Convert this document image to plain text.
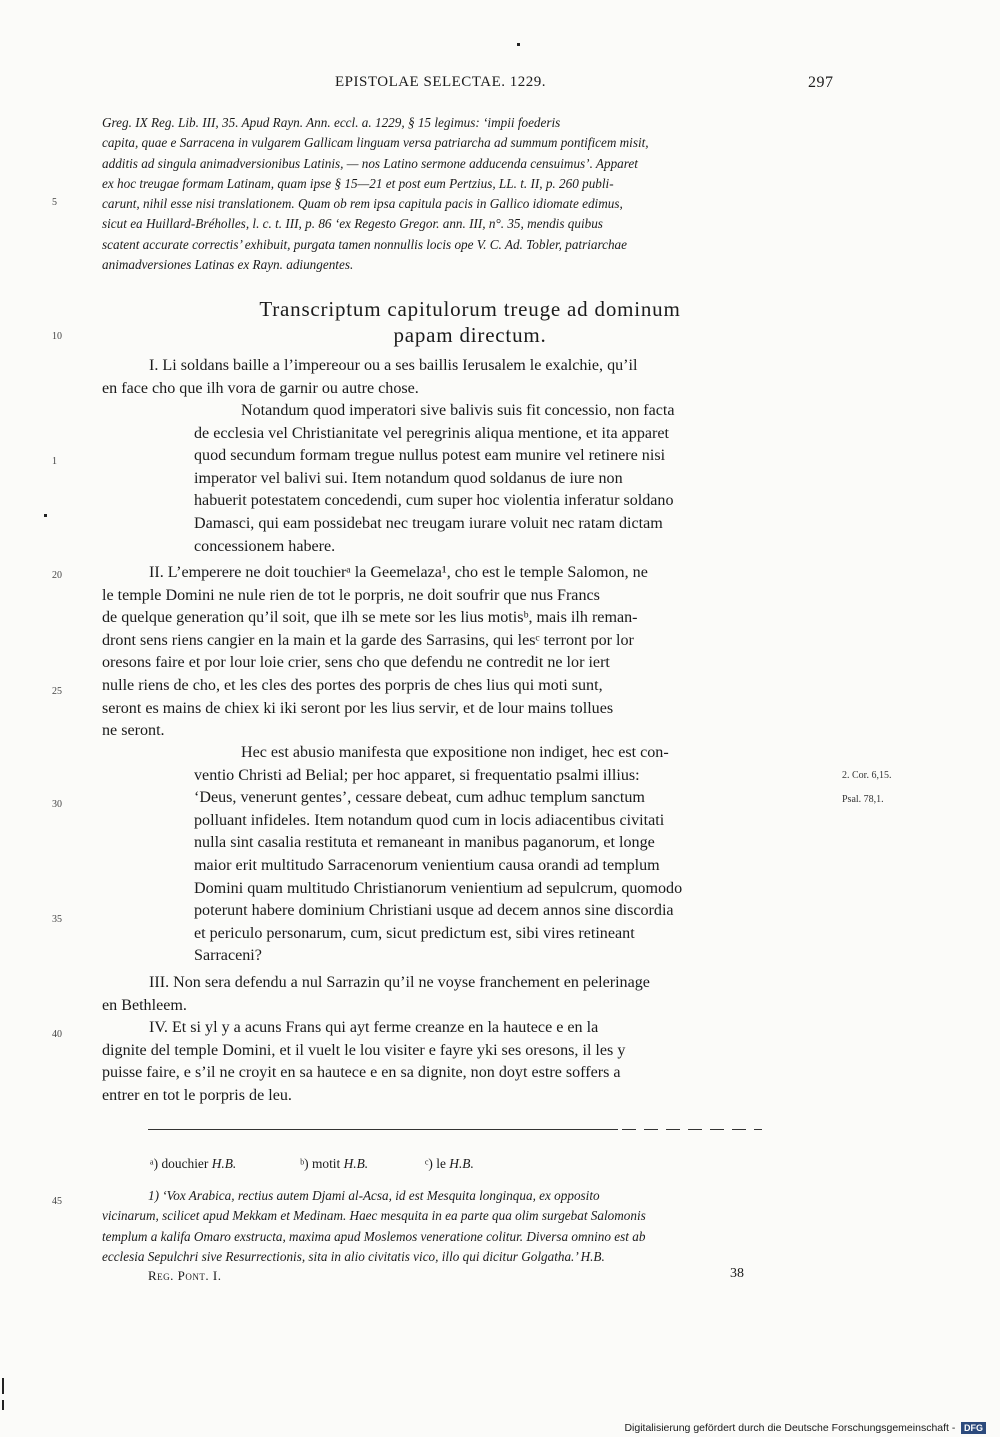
EPISTOLAE SELECTAE. 1229.	297

Greg. IX Reg. Lib. III, 35. Apud Rayn. Ann. eccl. a. 1229, § 15 legimus: ‘impii foederis

capita, quae e Sarracena in vulgarem Gallicam linguam versa patriarcha ad summum pontificem misit,

additis ad singula animadversionibus Latinis, — nos Latino sermone adducenda censuimus’. Apparet

ex hoc treugae formam Latinam, quam ipse § 15—21 et post eum Pertzius, LL. t. II, p. 260 publi-

carunt, nihil esse nisi translationem. Quam ob rem ipsa capitula pacis in Gallico idiomate edimus,

sicut ea Huillard-Bréholles, l. c. t. III, p. 86 ‘ex Regesto Gregor. ann. III, n°. 35, mendis quibus

scatent accurate correctis’ exhibuit, purgata tamen nonnullis locis ope V. C. Ad. Tobler, patriarchae

animadversiones Latinas ex Rayn. adiungentes.

Transcriptum capitulorum treuge ad dominum
papam directum.
5
10
1
20
25
30
35
40
45
2. Cor. 6,15.
Psal. 78,1.

I. Li soldans baille a l’impereour ou a ses baillis Ierusalem le exalchie, qu’il

en face cho que ilh vora de garnir ou autre chose.

Notandum quod imperatori sive balivis suis fit concessio, non facta

de ecclesia vel Christianitate vel peregrinis aliqua mentione, et ita apparet

quod secundum formam tregue nullus potest eam munire vel retinere nisi

imperator vel balivi sui. Item notandum quod soldanus de iure non

habuerit potestatem concedendi, cum super hoc violentia inferatur soldano

Damasci, qui eam possidebat nec treugam iurare voluit nec ratam dictam

concessionem habere.

II. L’emperere ne doit touchierᵃ la Geemelaza¹, cho est le temple Salomon, ne

le temple Domini ne nule rien de tot le porpris, ne doit soufrir que nus Francs

de quelque generation qu’il soit, que ilh se mete sor les lius motisᵇ, mais ilh reman-

dront sens riens cangier en la main et la garde des Sarrasins, qui lesᶜ terront por lor

oresons faire et por lour loie crier, sens cho que defendu ne contredit ne lor iert

nulle riens de cho, et les cles des portes des porpris de ches lius qui moti sunt,

seront es mains de chiex ki iki seront por les lius servir, et de lour mains tollues

ne seront.

Hec est abusio manifesta que expositione non indiget, hec est con-

ventio Christi ad Belial; per hoc apparet, si frequentatio psalmi illius:

‘Deus, venerunt gentes’, cessare debeat, cum adhuc templum sanctum

polluant infideles. Item notandum quod cum in locis adiacentibus civitati

nulla sint casalia restituta et remaneant in manibus paganorum, et longe

maior erit multitudo Sarracenorum venientium causa orandi ad templum

Domini quam multitudo Christianorum venientium ad sepulcrum, quomodo

poterunt habere dominium Christiani usque ad decem annos sine discordia

et periculo personarum, cum, sicut predictum est, sibi vires retineant

Sarraceni?

III. Non sera defendu a nul Sarrazin qu’il ne voyse franchement en pelerinage

en Bethleem.

IV. Et si yl y a acuns Frans qui ayt ferme creanze en la hautece e en la

dignite del temple Domini, et il vuelt le lou visiter e fayre yki ses oresons, il les y

puisse faire, e s’il ne croyit en sa hautece e en sa dignite, non doyt estre soffers a

entrer en tot le porpris de leu.

ᵃ) douchier H.B.	ᵇ) motit H.B.	ᶜ) le H.B.

1) ‘Vox Arabica, rectius autem Djami al-Acsa, id est Mesquita longinqua, ex opposito

vicinarum, scilicet apud Mekkam et Medinam. Haec mesquita in ea parte qua olim surgebat Salomonis

templum a kalifa Omaro exstructa, maxima apud Moslemos veneratione colitur. Diversa omnino est ab

ecclesia Sepulchri sive Resurrectionis, sita in alio civitatis vico, illo qui dicitur Golgatha.’ H.B.

Reg. Pont. I.	38
Digitalisierung gefördert durch die Deutsche Forschungsgemeinschaft - DFG
